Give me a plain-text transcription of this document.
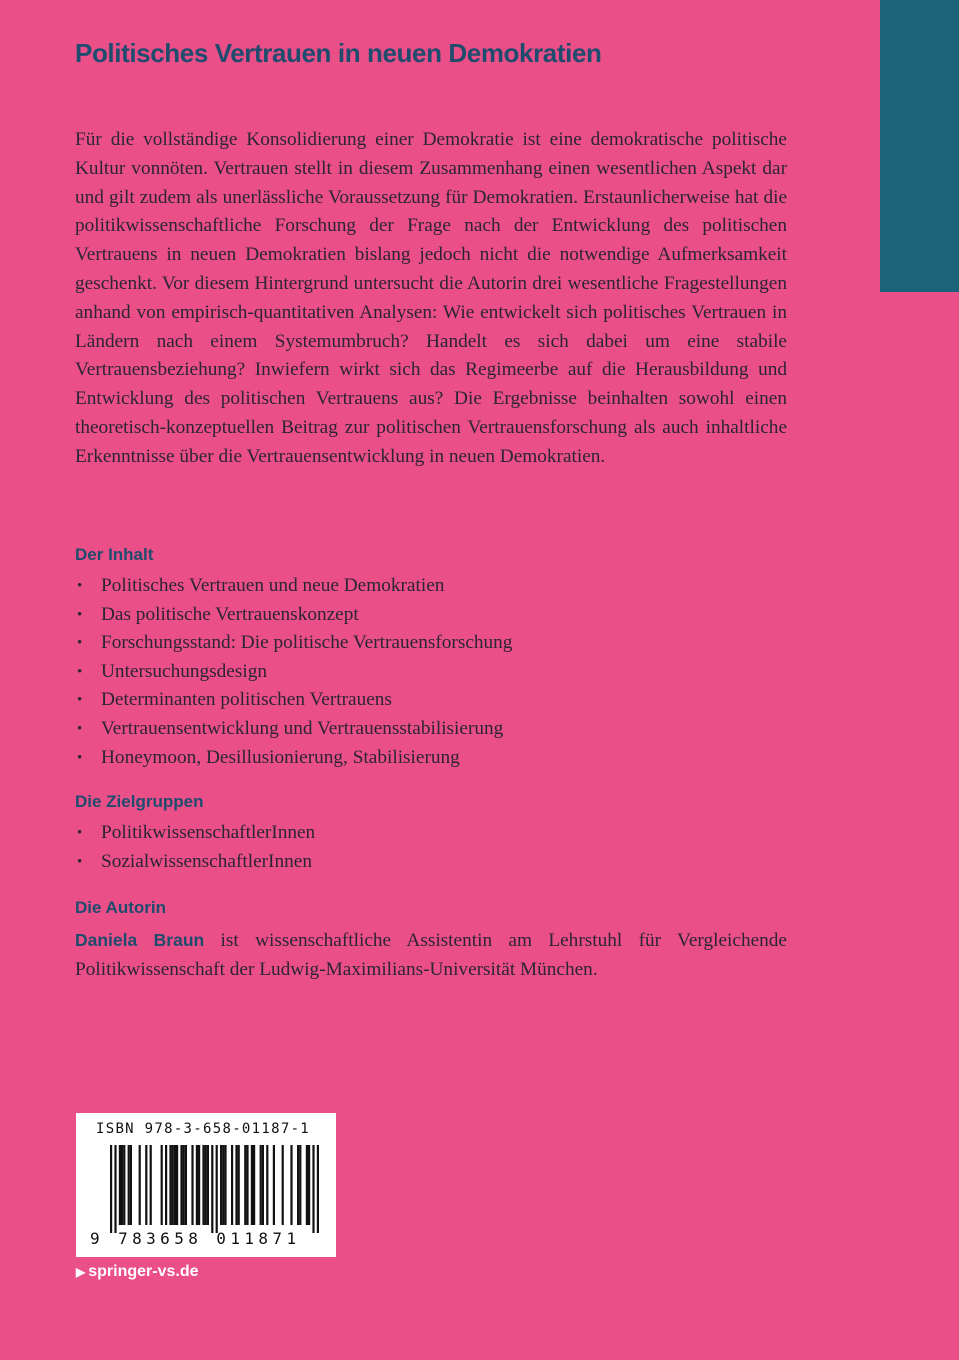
Politisches Vertrauen in neuen Demokratien

Für die vollständige Konsolidierung einer Demokratie ist eine demokratische politische Kultur vonnöten. Vertrauen stellt in diesem Zusammenhang einen wesentlichen Aspekt dar und gilt zudem als unerlässliche Voraussetzung für Demokratien. Erstaunlicherweise hat die politikwissenschaftliche Forschung der Frage nach der Entwicklung des politischen Vertrauens in neuen Demokratien bislang jedoch nicht die notwendige Aufmerksamkeit geschenkt. Vor diesem Hintergrund untersucht die Autorin drei wesentliche Fragestellungen anhand von empirisch-quantitativen Analysen: Wie entwickelt sich politisches Vertrauen in Ländern nach einem Systemumbruch? Handelt es sich dabei um eine stabile Vertrauensbeziehung? Inwiefern wirkt sich das Regimeerbe auf die Herausbildung und Entwicklung des politischen Vertrauens aus? Die Ergebnisse beinhalten sowohl einen theoretisch-konzeptuellen Beitrag zur politischen Vertrauensforschung als auch inhaltliche Erkenntnisse über die Vertrauensentwicklung in neuen Demokratien.

Der Inhalt
• Politisches Vertrauen und neue Demokratien
• Das politische Vertrauenskonzept
• Forschungsstand: Die politische Vertrauensforschung
• Untersuchungsdesign
• Determinanten politischen Vertrauens
• Vertrauensentwicklung und Vertrauensstabilisierung
• Honeymoon, Desillusionierung, Stabilisierung
Die Zielgruppen
• PolitikwissenschaftlerInnen
• SozialwissenschaftlerInnen
Die Autorin

Daniela Braun ist wissenschaftliche Assistentin am Lehrstuhl für Vergleichende Politikwissenschaft der Ludwig-Maximilians-Universität München.

ISBN 978-3-658-01187-1
9 783658 011871
▶ springer-vs.de
